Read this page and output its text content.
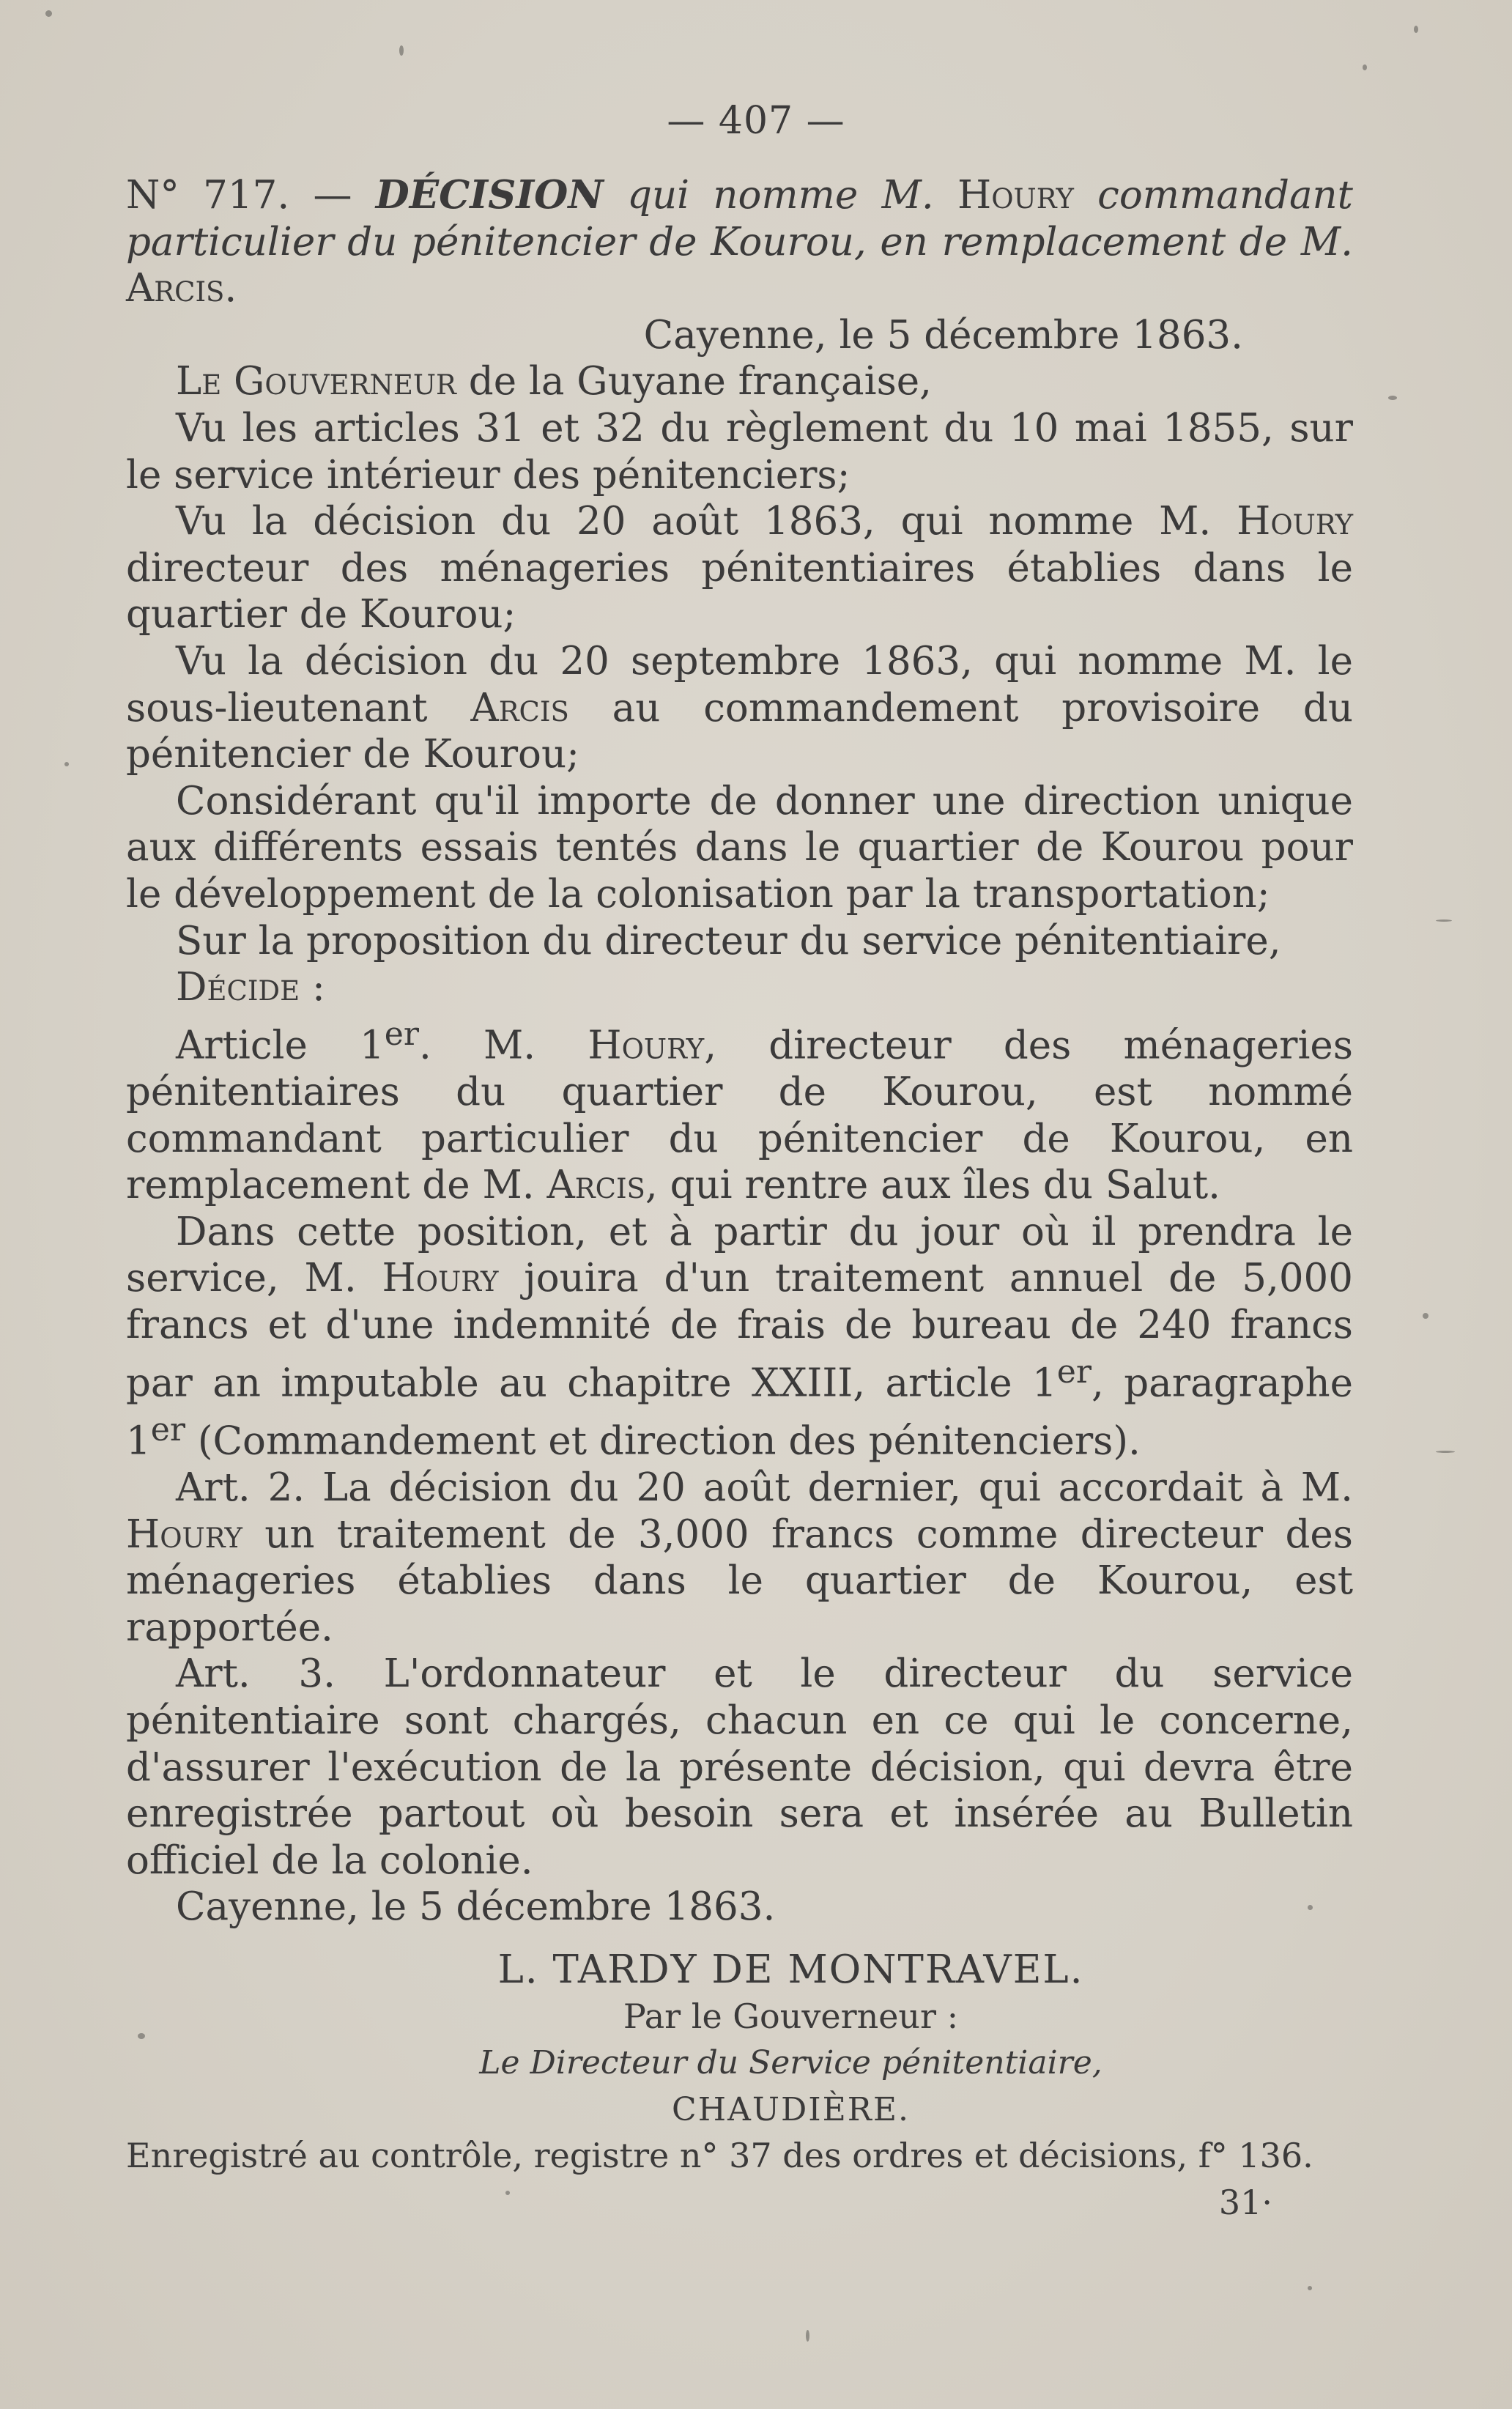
— 407 —

N° 717. — DÉCISION qui nomme M. Houry commandant particulier du pénitencier de Kourou, en remplacement de M. Arcis.

Cayenne, le 5 décembre 1863.

Le Gouverneur de la Guyane française,

Vu les articles 31 et 32 du règlement du 10 mai 1855, sur le service intérieur des pénitenciers;

Vu la décision du 20 août 1863, qui nomme M. Houry directeur des ménageries pénitentiaires établies dans le quartier de Kourou;

Vu la décision du 20 septembre 1863, qui nomme M. le sous-lieutenant Arcis au commandement provisoire du pénitencier de Kourou;

Considérant qu'il importe de donner une direction unique aux différents essais tentés dans le quartier de Kourou pour le développement de la colonisation par la transportation;

Sur la proposition du directeur du service pénitentiaire,

Décide :

Article 1er. M. Houry, directeur des ménageries pénitentiaires du quartier de Kourou, est nommé commandant particulier du pénitencier de Kourou, en remplacement de M. Arcis, qui rentre aux îles du Salut.

Dans cette position, et à partir du jour où il prendra le service, M. Houry jouira d'un traitement annuel de 5,000 francs et d'une indemnité de frais de bureau de 240 francs par an imputable au chapitre XXIII, article 1er, paragraphe 1er (Commandement et direction des pénitenciers).

Art. 2. La décision du 20 août dernier, qui accordait à M. Houry un traitement de 3,000 francs comme directeur des ménageries établies dans le quartier de Kourou, est rapportée.

Art. 3. L'ordonnateur et le directeur du service pénitentiaire sont chargés, chacun en ce qui le concerne, d'assurer l'exécution de la présente décision, qui devra être enregistrée partout où besoin sera et insérée au Bulletin officiel de la colonie.

Cayenne, le 5 décembre 1863.

L. TARDY DE MONTRAVEL.

Par le Gouverneur :

Le Directeur du Service pénitentiaire,

CHAUDIÈRE.

Enregistré au contrôle, registre n° 37 des ordres et décisions, f° 136.

31·
